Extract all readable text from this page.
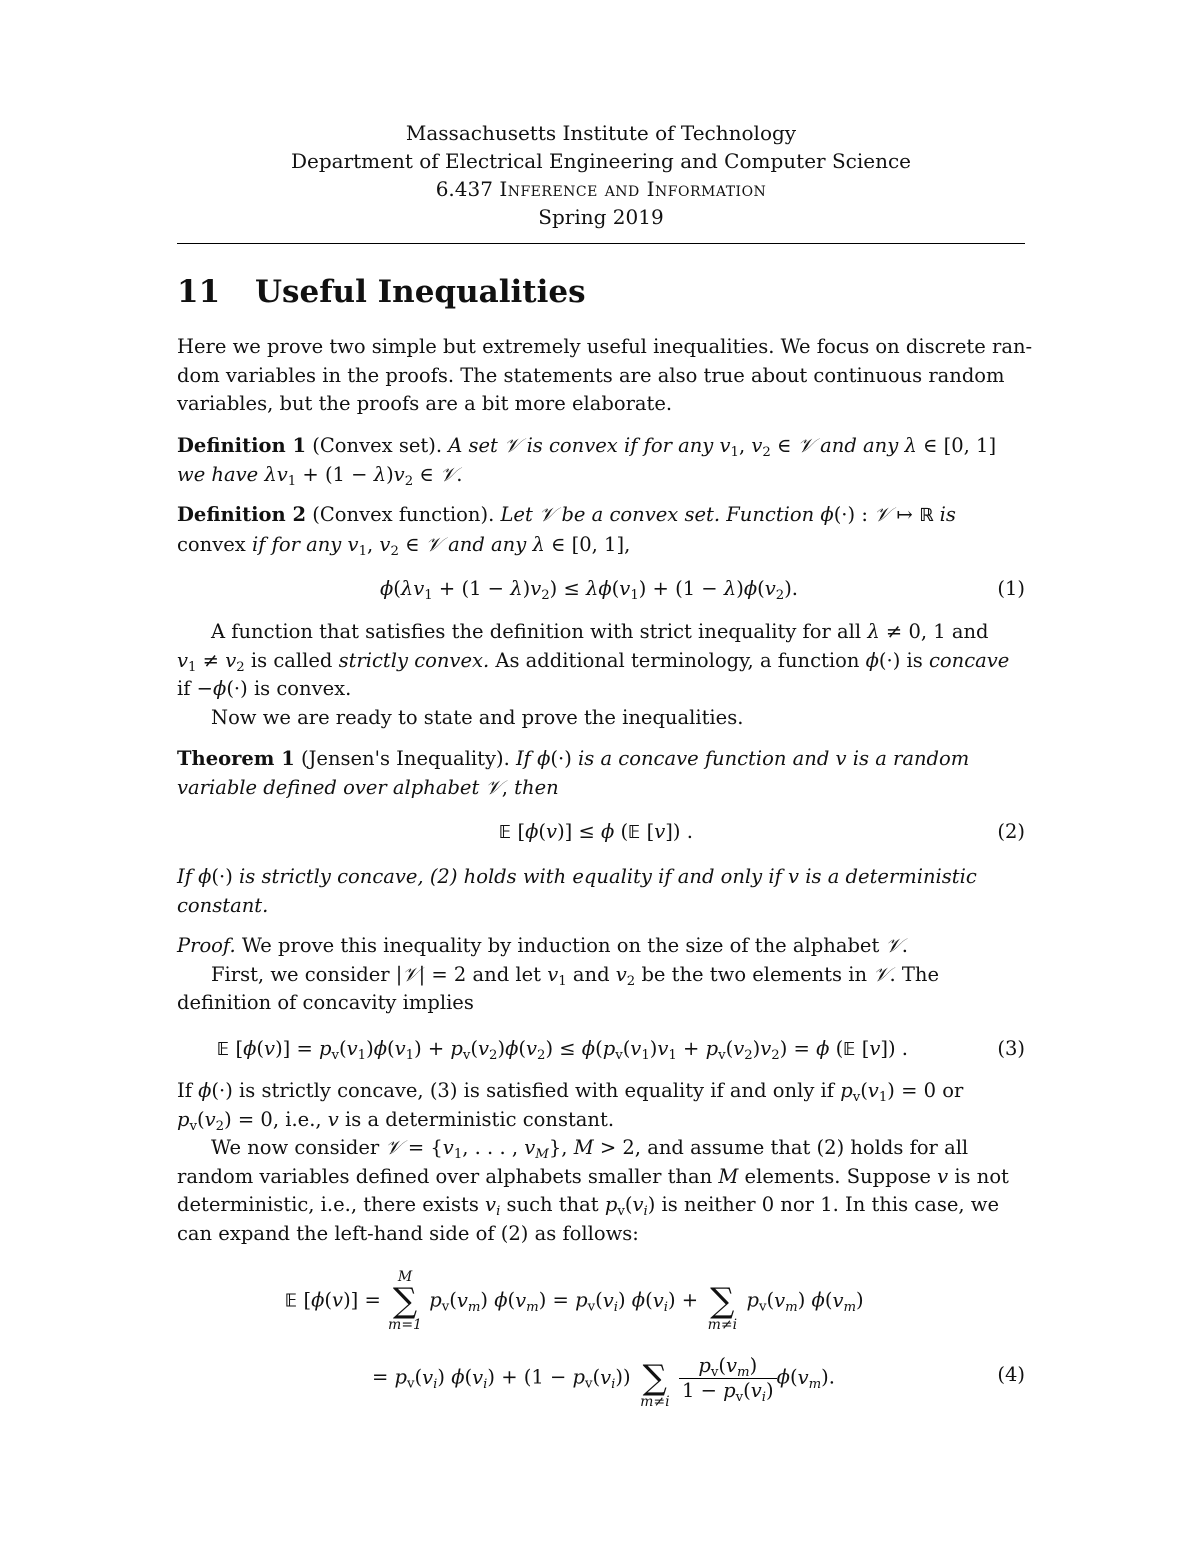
Massachusetts Institute of Technology
Department of Electrical Engineering and Computer Science
6.437 Inference and Information
Spring 2019
11 Useful Inequalities
Here we prove two simple but extremely useful inequalities. We focus on discrete ran-
dom variables in the proofs. The statements are also true about continuous random
variables, but the proofs are a bit more elaborate.
Definition 1 (Convex set). A set 𝒱 is convex if for any $v_1$, $v_2$ ∈ 𝒱 and any λ ∈ [0, 1]
we have $\lambda v_1 + (1 - \lambda)v_2$ ∈ 𝒱.
Definition 2 (Convex function). Let 𝒱 be a convex set. Function ϕ(·) : 𝒱 ↦ ℝ is
convex if for any $v_1$, $v_2$ ∈ 𝒱 and any λ ∈ [0, 1],
$\phi(\lambda v_1 + (1 - \lambda)v_2) \le \lambda\phi(v_1) + (1 - \lambda)\phi(v_2)$.	(1)
A function that satisfies the definition with strict inequality for all λ ≠ 0, 1 and
$v_1 \ne v_2$ is called strictly convex. As additional terminology, a function ϕ(·) is concave
if −ϕ(·) is convex.
Now we are ready to state and prove the inequalities.
Theorem 1 (Jensen's Inequality). If ϕ(·) is a concave function and v is a random
variable defined over alphabet 𝒱, then
𝔼 [ϕ(v)] ≤ ϕ (𝔼 [v]) .	(2)
If ϕ(·) is strictly concave, (2) holds with equality if and only if v is a deterministic
constant.
Proof. We prove this inequality by induction on the size of the alphabet 𝒱.
First, we consider |𝒱| = 2 and let $v_1$ and $v_2$ be the two elements in 𝒱. The
definition of concavity implies
𝔼 $[\phi(v)] = p_v(v_1)\phi(v_1) + p_v(v_2)\phi(v_2) \le \phi(p_v(v_1)v_1 + p_v(v_2)v_2) = \phi$ (𝔼 [v]) .	(3)
If ϕ(·) is strictly concave, (3) is satisfied with equality if and only if $p_v(v_1) = 0$ or
$p_v(v_2) = 0$, i.e., v is a deterministic constant.
We now consider 𝒱 = {$v_1$, . . . , $v_M$}, M > 2, and assume that (2) holds for all
random variables defined over alphabets smaller than M elements. Suppose v is not
deterministic, i.e., there exists $v_i$ such that $p_v(v_i)$ is neither 0 nor 1. In this case, we
can expand the left-hand side of (2) as follows:
𝔼 [ϕ(v)] =
M
∑
m=1
$p_v(v_m) \phi(v_m) = p_v(v_i) \phi(v_i)$ +
∑
m≠i
$p_v(v_m)$ $\phi(v_m)$
= $p_v(v_i) \phi(v_i) + (1 - p_v(v_i))$
∑
m≠i
$\frac{p_v(v_m)}{1 - p_v(v_i)} \phi(v_m)$.	(4)
